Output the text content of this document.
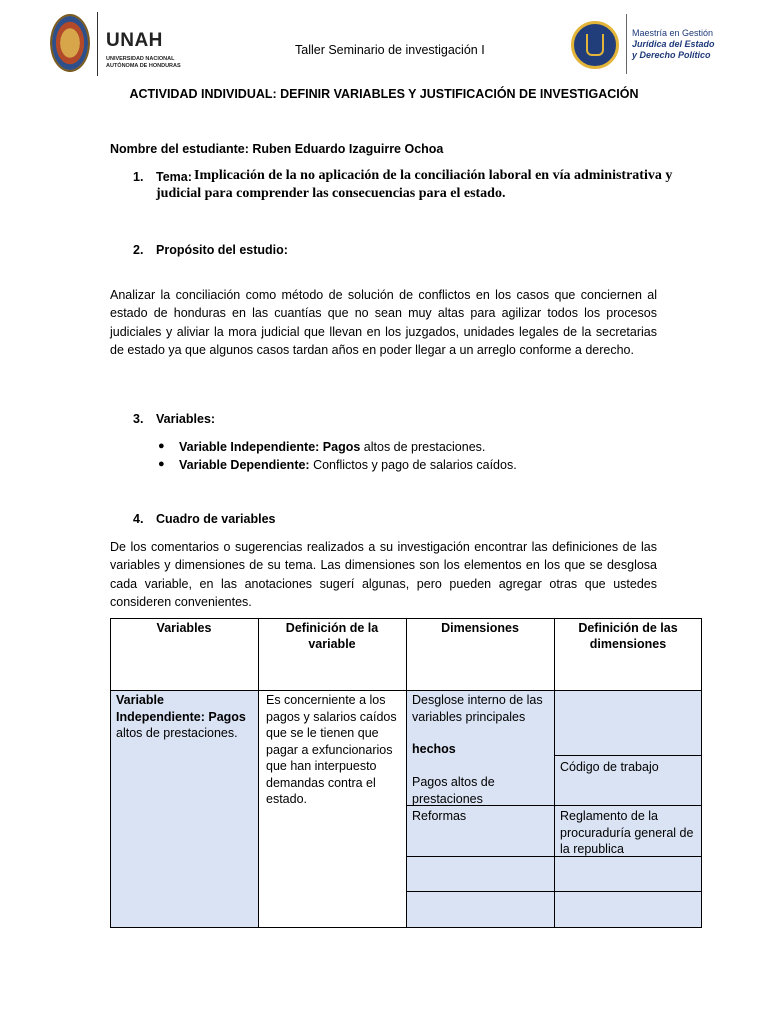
UNAH
UNIVERSIDAD NACIONAL AUTÓNOMA DE HONDURAS
Taller Seminario de investigación I
Maestría en Gestión
Jurídica del Estado
y Derecho Político
ACTIVIDAD INDIVIDUAL: DEFINIR VARIABLES Y JUSTIFICACIÓN DE INVESTIGACIÓN
Nombre del estudiante: Ruben Eduardo Izaguirre Ochoa
1. Tema: Implicación de la no aplicación de la conciliación laboral en vía administrativa y judicial para comprender las consecuencias para el estado.
2. Propósito del estudio:
Analizar la conciliación como método de solución de conflictos en los casos que conciernen al estado de honduras en las cuantías que no sean muy altas para agilizar todos los procesos judiciales y aliviar la mora judicial que llevan en los juzgados, unidades legales de la secretarias de estado ya que algunos casos tardan años en poder llegar a un arreglo conforme a derecho.
3. Variables:
● Variable Independiente: Pagos altos de prestaciones.
● Variable Dependiente: Conflictos y pago de salarios caídos.
4. Cuadro de variables
De los comentarios o sugerencias realizados a su investigación encontrar las definiciones de las variables y dimensiones de su tema. Las dimensiones son los elementos en los que se desglosa cada variable, en las anotaciones sugerí algunas, pero pueden agregar otras que ustedes consideren convenientes.
Variables	Definición de la variable
Dimensiones	Definición de las dimensiones
Variable Independiente: Pagos altos de prestaciones.
Es concerniente a los pagos y salarios caídos que se le tienen que pagar a exfuncionarios que han interpuesto demandas contra el estado.
Desglose interno de las variables principales
hechos
Pagos altos de prestaciones
Reformas
Código de trabajo
Reglamento de la procuraduría general de la republica
